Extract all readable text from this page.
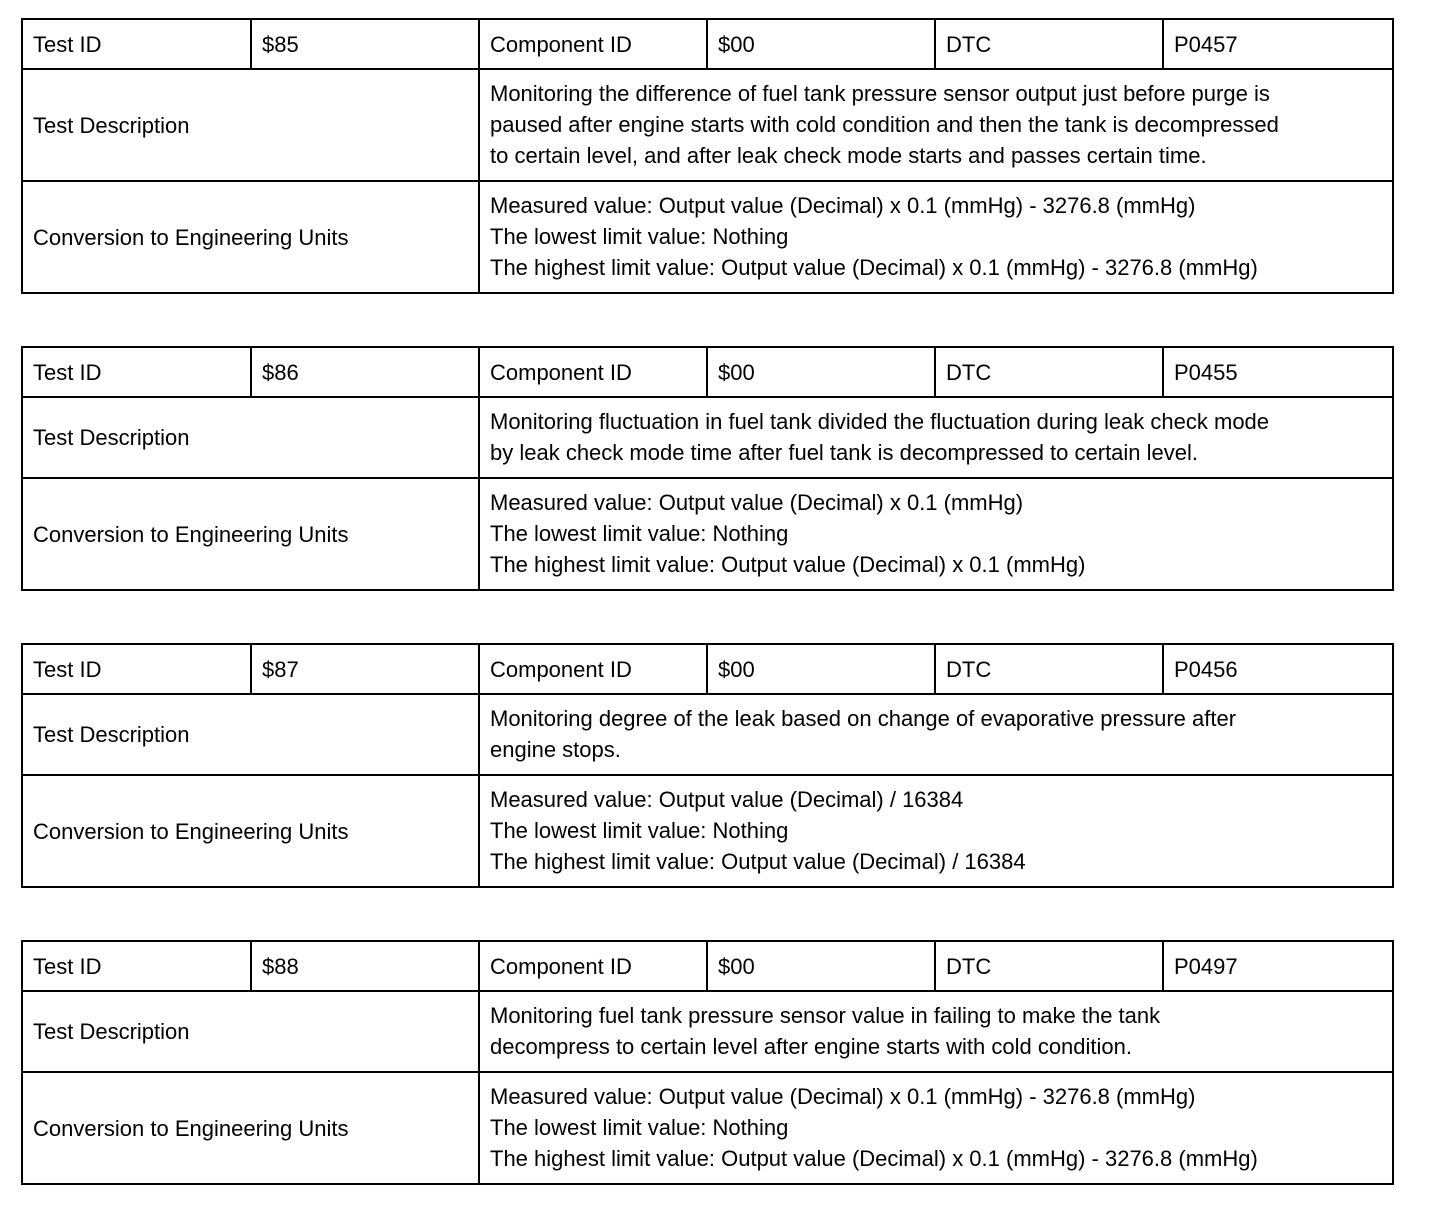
Test ID	$85	Component ID	$00	DTC	P0457
Test Description		Monitoring the difference of fuel tank pressure sensor output just before purge is
paused after engine starts with cold condition and then the tank is decompressed
to certain level, and after leak check mode starts and passes certain time.			

Conversion to Engineering Units		Measured value: Output value (Decimal) x 0.1 (mmHg) - 3276.8 (mmHg)
The lowest limit value: Nothing
The highest limit value: Output value (Decimal) x 0.1 (mmHg) - 3276.8 (mmHg)			
Test ID	$86	Component ID	$00	DTC	P0455
Test Description		Monitoring fluctuation in fuel tank divided the fluctuation during leak check mode
by leak check mode time after fuel tank is decompressed to certain level.			

Conversion to Engineering Units		Measured value: Output value (Decimal) x 0.1 (mmHg)
The lowest limit value: Nothing
The highest limit value: Output value (Decimal) x 0.1 (mmHg)			
Test ID	$87	Component ID	$00	DTC	P0456
Test Description		Monitoring degree of the leak based on change of evaporative pressure after
engine stops.			

Conversion to Engineering Units		Measured value: Output value (Decimal) / 16384
The lowest limit value: Nothing
The highest limit value: Output value (Decimal) / 16384			
Test ID	$88	Component ID	$00	DTC	P0497
Test Description		Monitoring fuel tank pressure sensor value in failing to make the tank
decompress to certain level after engine starts with cold condition.			

Conversion to Engineering Units		Measured value: Output value (Decimal) x 0.1 (mmHg) - 3276.8 (mmHg)
The lowest limit value: Nothing
The highest limit value: Output value (Decimal) x 0.1 (mmHg) - 3276.8 (mmHg)			
